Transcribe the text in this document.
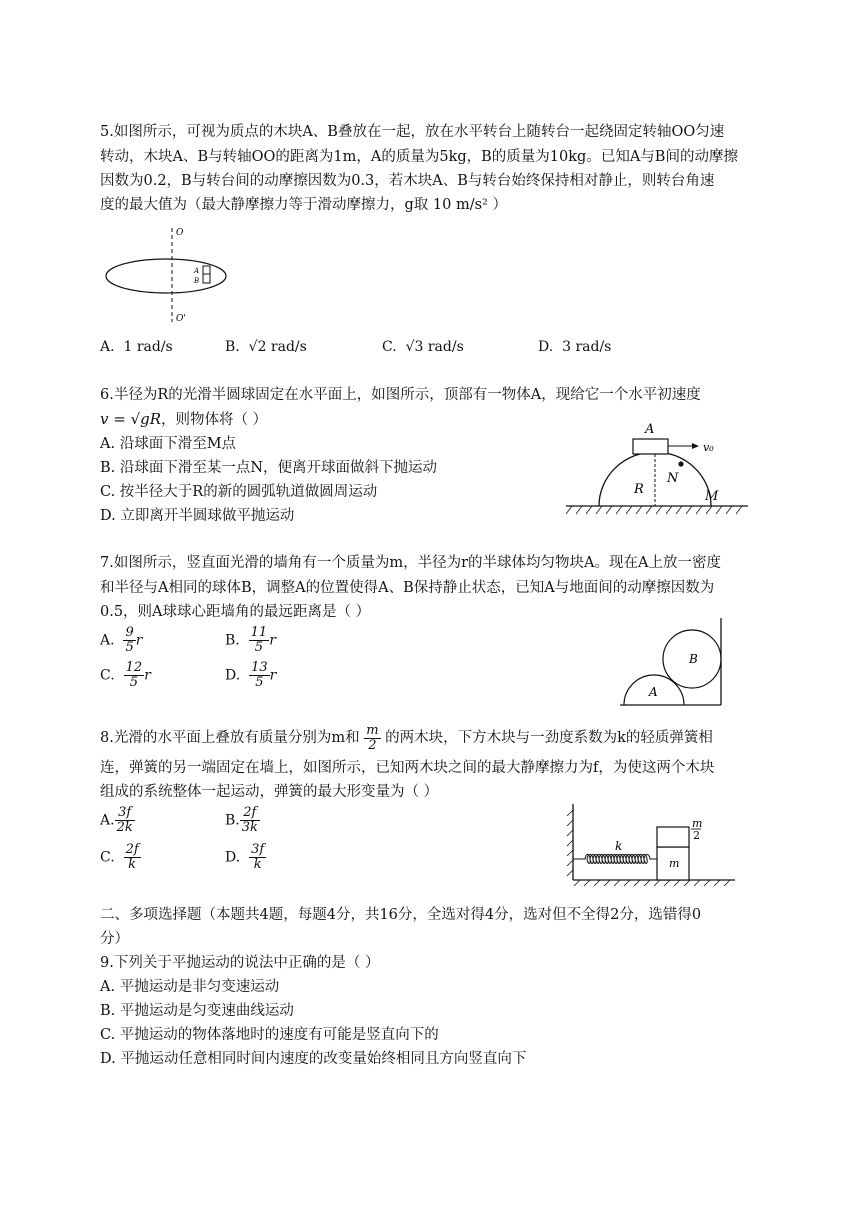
5.如图所示，可视为质点的木块A、B叠放在一起，放在水平转台上随转台一起绕固定转轴OO匀速
转动，木块A、B与转轴OO的距离为1m，A的质量为5kg，B的质量为10kg。已知A与B间的动摩擦
因数为0.2，B与转台间的动摩擦因数为0.3，若木块A、B与转台始终保持相对静止，则转台角速
度的最大值为（最大静摩擦力等于滑动摩擦力，g取 10 m/s² ）
O
O'
A
B
A. 1 rad/s	B. √2 rad/s	C. √3 rad/s	D. 3 rad/s
6.半径为R的光滑半圆球固定在水平面上，如图所示，顶部有一物体A，现给它一个水平初速度
v = √gR，则物体将（ ）
A. 沿球面下滑至M点
B. 沿球面下滑至某一点N，便离开球面做斜下抛运动
C. 按半径大于R的新的圆弧轨道做圆周运动
D. 立即离开半圆球做平抛运动
A
v₀
R
N
M
7.如图所示，竖直面光滑的墙角有一个质量为m，半径为r的半球体均匀物块A。现在A上放一密度
和半径与A相同的球体B，调整A的位置使得A、B保持静止状态，已知A与地面间的动摩擦因数为
0.5，则A球球心距墙角的最远距离是（ ）
A. $\frac{9}{5}$ r	B. $\frac{11}{5}$ r
C. $\frac{12}{5}$ r	D. $\frac{13}{5}$ r
A
B
8.光滑的水平面上叠放有质量分别为m和 $\frac{m}{2}$ 的两木块，下方木块与一劲度系数为k的轻质弹簧相
连，弹簧的另一端固定在墙上，如图所示，已知两木块之间的最大静摩擦力为f，为使这两个木块
组成的系统整体一起运动，弹簧的最大形变量为（ ）
A. $\frac{3f}{2k}$	B. $\frac{2f}{3k}$
C. $\frac{2f}{k}$	D. $\frac{3f}{k}$	k
m
m
2
二、多项选择题（本题共4题，每题4分，共16分，全选对得4分，选对但不全得2分，选错得0
分）
9.下列关于平抛运动的说法中正确的是（ ）
A. 平抛运动是非匀变速运动
B. 平抛运动是匀变速曲线运动
C. 平抛运动的物体落地时的速度有可能是竖直向下的
D. 平抛运动任意相同时间内速度的改变量始终相同且方向竖直向下
